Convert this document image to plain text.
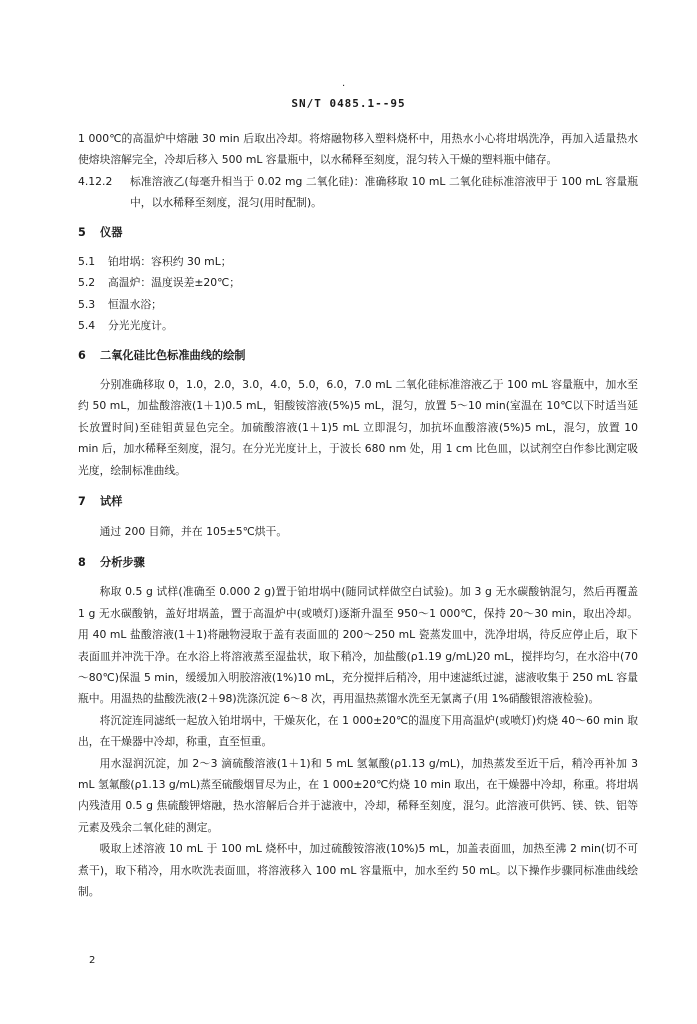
.
SN/T 0485.1--95

1 000℃的高温炉中熔融 30 min 后取出冷却。将熔融物移入塑料烧杯中，用热水小心将坩埚洗净，再加入适量热水使熔块溶解完全，冷却后移入 500 mL 容量瓶中，以水稀释至刻度，混匀转入干燥的塑料瓶中储存。

4.12.2	标准溶液乙(每毫升相当于 0.02 mg 二氧化硅)：准确移取 10 mL 二氧化硅标准溶液甲于 100 mL 容量瓶中，以水稀释至刻度，混匀(用时配制)。
5	仪器
5.1	铂坩埚：容积约 30 mL；
5.2	高温炉：温度误差±20℃；
5.3	恒温水浴；
5.4	分光光度计。
6	二氧化硅比色标准曲线的绘制

分别准确移取 0，1.0，2.0，3.0，4.0，5.0，6.0，7.0 mL 二氧化硅标准溶液乙于 100 mL 容量瓶中，加水至约 50 mL，加盐酸溶液(1＋1)0.5 mL，钼酸铵溶液(5%)5 mL，混匀，放置 5～10 min(室温在 10℃以下时适当延长放置时间)至硅钼黄显色完全。加硫酸溶液(1＋1)5 mL 立即混匀，加抗坏血酸溶液(5%)5 mL，混匀，放置 10 min 后，加水稀释至刻度，混匀。在分光光度计上，于波长 680 nm 处，用 1 cm 比色皿，以试剂空白作参比测定吸光度，绘制标准曲线。

7	试样

通过 200 目筛，并在 105±5℃烘干。

8	分析步骤

称取 0.5 g 试样(准确至 0.000 2 g)置于铂坩埚中(随同试样做空白试验)。加 3 g 无水碳酸钠混匀，然后再覆盖 1 g 无水碳酸钠，盖好坩埚盖，置于高温炉中(或喷灯)逐渐升温至 950～1 000℃，保持 20～30 min，取出冷却。用 40 mL 盐酸溶液(1＋1)将融物浸取于盖有表面皿的 200～250 mL 瓷蒸发皿中，洗净坩埚，待反应停止后，取下表面皿并冲洗干净。在水浴上将溶液蒸至湿盐状，取下稍冷，加盐酸(ρ1.19 g/mL)20 mL，搅拌均匀，在水浴中(70～80℃)保温 5 min，缓缓加入明胶溶液(1%)10 mL，充分搅拌后稍冷，用中速滤纸过滤，滤液收集于 250 mL 容量瓶中。用温热的盐酸洗液(2＋98)洗涤沉淀 6～8 次，再用温热蒸馏水洗至无氯离子(用 1%硝酸银溶液检验)。

将沉淀连同滤纸一起放入铂坩埚中，干燥灰化，在 1 000±20℃的温度下用高温炉(或喷灯)灼烧 40～60 min 取出，在干燥器中冷却，称重，直至恒重。

用水湿润沉淀，加 2～3 滴硫酸溶液(1＋1)和 5 mL 氢氟酸(ρ1.13 g/mL)，加热蒸发至近干后，稍冷再补加 3 mL 氢氟酸(ρ1.13 g/mL)蒸至硫酸烟冒尽为止，在 1 000±20℃灼烧 10 min 取出，在干燥器中冷却，称重。将坩埚内残渣用 0.5 g 焦硫酸钾熔融，热水溶解后合并于滤液中，冷却，稀释至刻度，混匀。此溶液可供钙、镁、铁、铝等元素及残余二氧化硅的测定。

吸取上述溶液 10 mL 于 100 mL 烧杯中，加过硫酸铵溶液(10%)5 mL，加盖表面皿，加热至沸 2 min(切不可煮干)，取下稍冷，用水吹洗表面皿，将溶液移入 100 mL 容量瓶中，加水至约 50 mL。以下操作步骤同标准曲线绘制。

2
